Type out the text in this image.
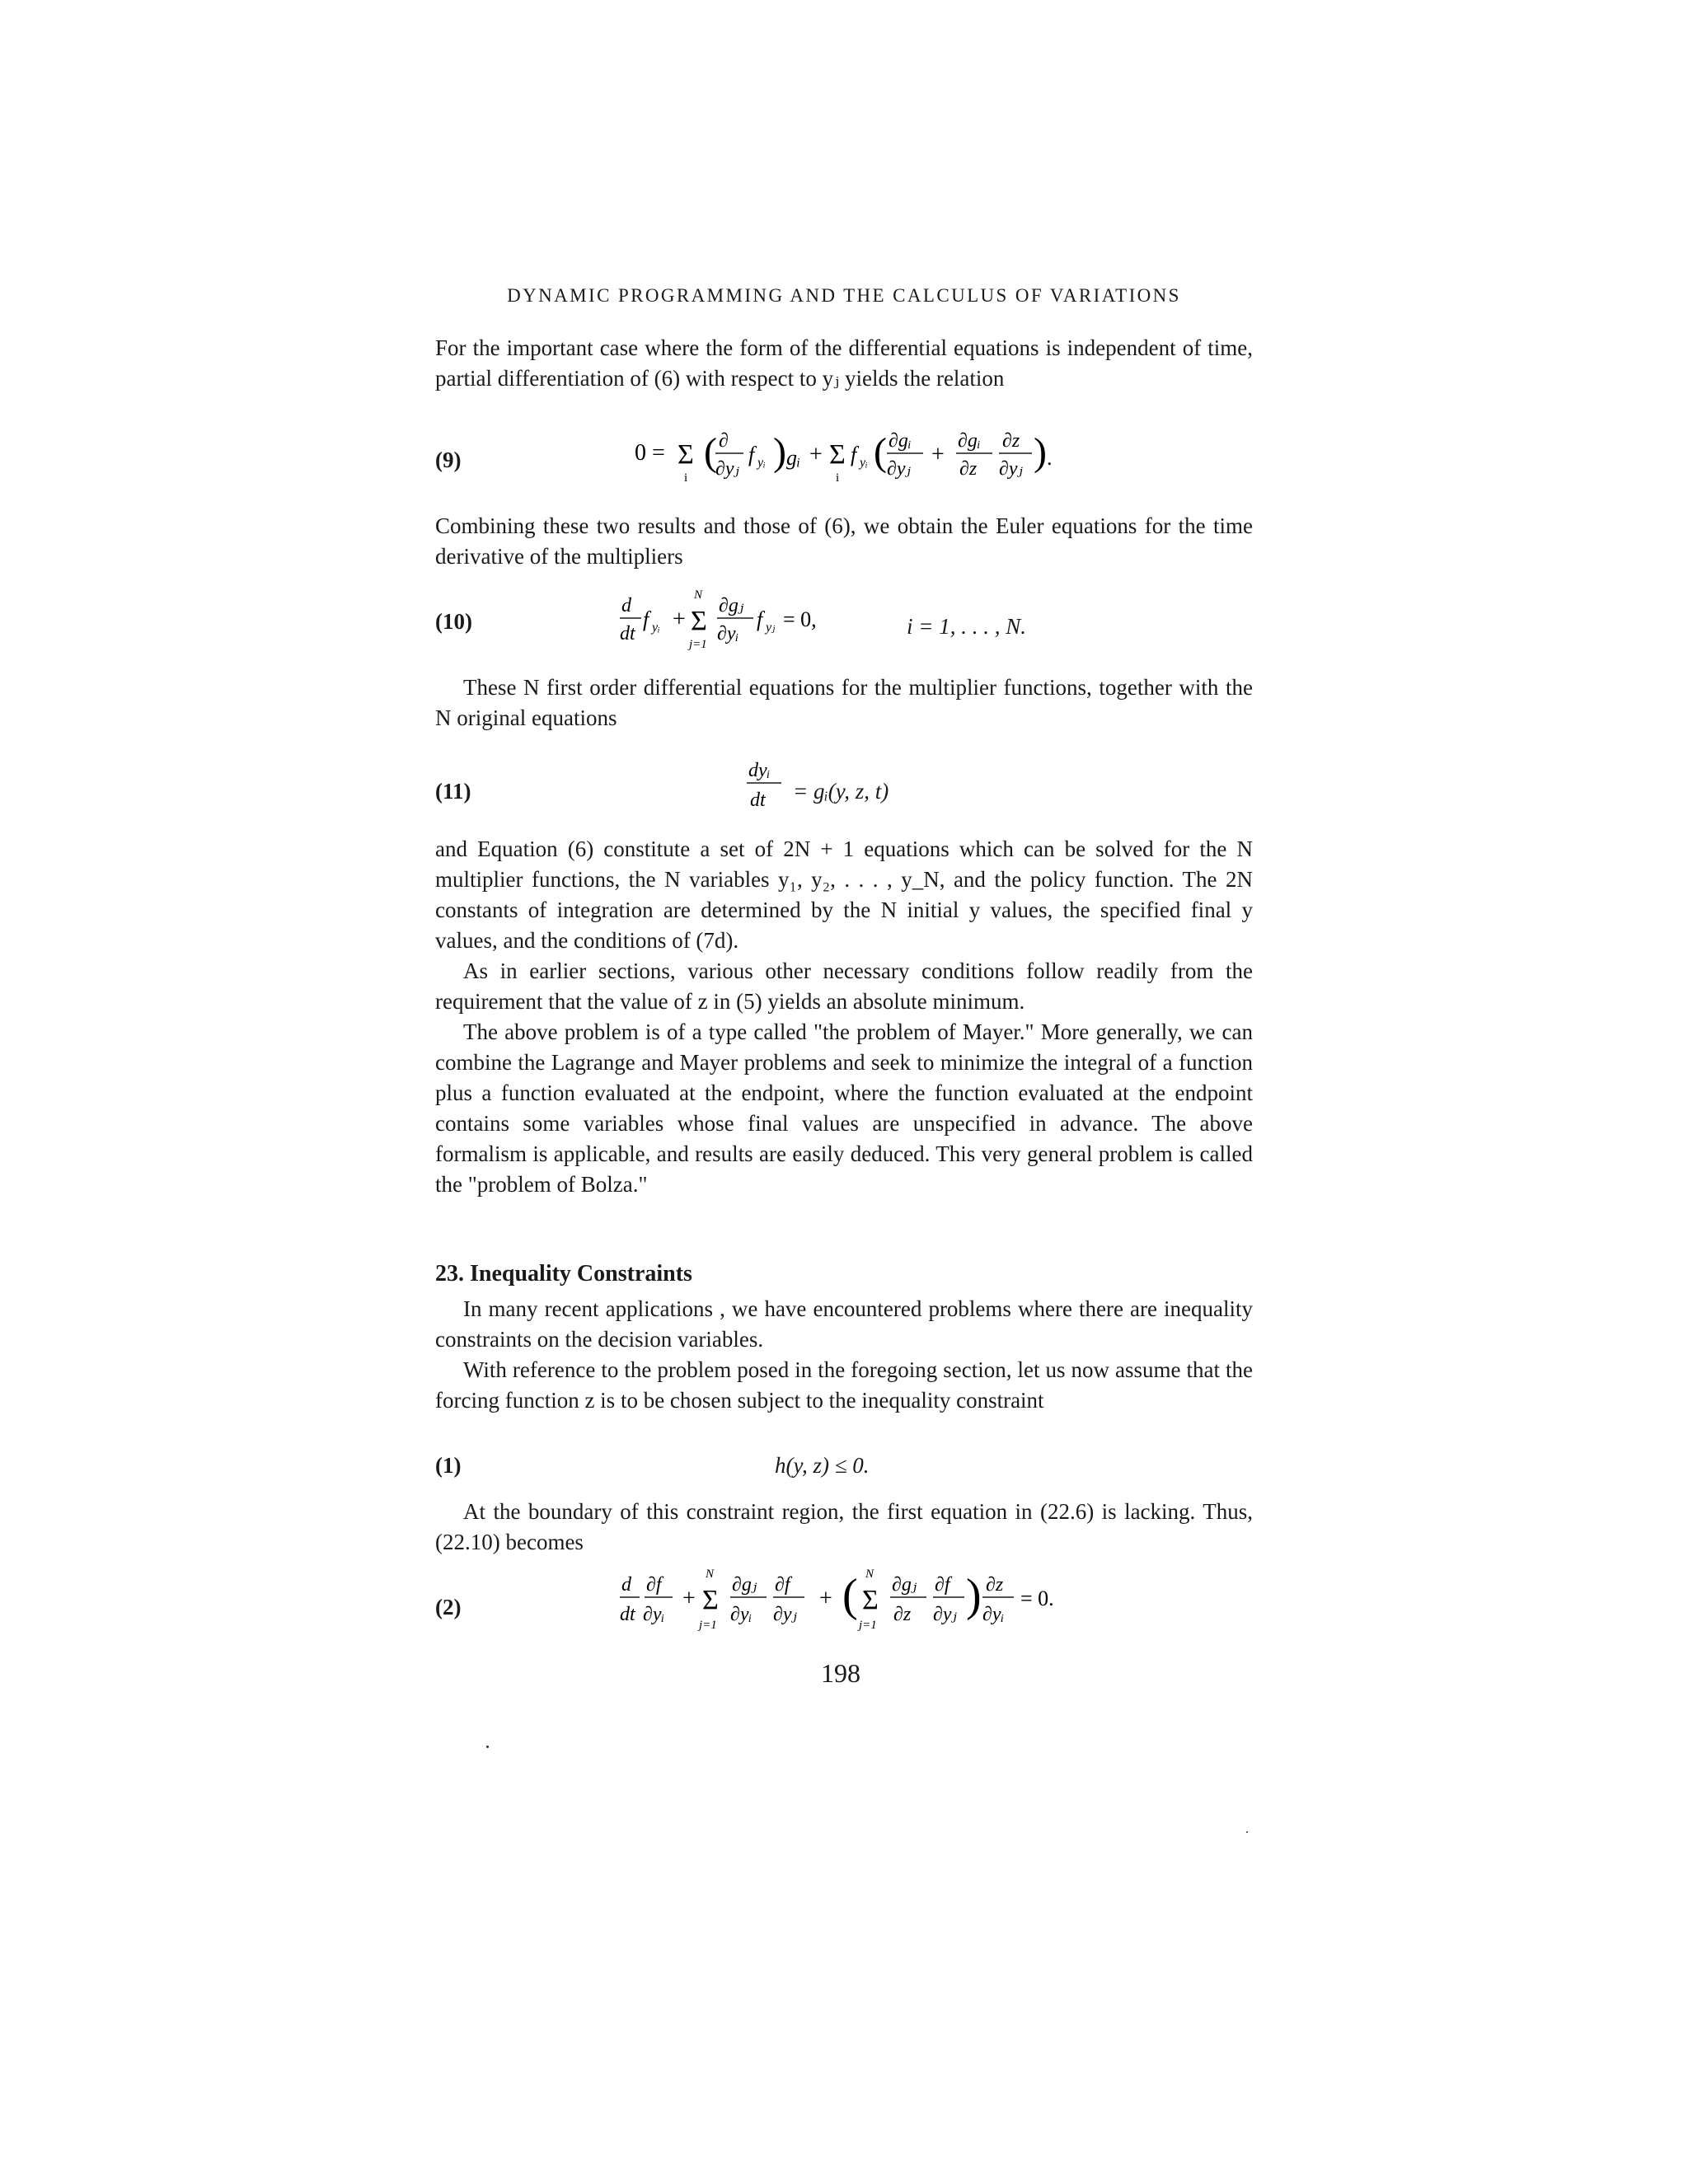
DYNAMIC PROGRAMMING AND THE CALCULUS OF VARIATIONS

For the important case where the form of the differential equations is independent of time, partial differentiation of (6) with respect to yⱼ yields the relation

(9)	0 = Σ
i
( ∂
∂yⱼ
f yᵢ ) gᵢ + Σ
i
f yᵢ ( ∂gᵢ
∂yⱼ
+
∂gᵢ
∂z
∂z
∂yⱼ ) .

Combining these two results and those of (6), we obtain the Euler equations for the time derivative of the multipliers

(10)
d
dt
f yᵢ +
N
Σ
j=1
∂gⱼ
∂yᵢ
f yⱼ = 0,	i = 1, . . . , N.

These N first order differential equations for the multiplier functions, together with the N original equations

(11)
dyᵢ
dt = gᵢ(y, z, t)

and Equation (6) constitute a set of 2N + 1 equations which can be solved for the N multiplier functions, the N variables y₁, y₂, . . . , y_N, and the policy function. The 2N constants of integration are determined by the N initial y values, the specified final y values, and the conditions of (7d).

As in earlier sections, various other necessary conditions follow readily from the requirement that the value of z in (5) yields an absolute minimum.

The above problem is of a type called "the problem of Mayer." More generally, we can combine the Lagrange and Mayer problems and seek to minimize the integral of a function plus a function evaluated at the endpoint, where the function evaluated at the endpoint contains some variables whose final values are unspecified in advance. The above formalism is applicable, and results are easily deduced. This very general problem is called the "problem of Bolza."

23. Inequality Constraints

In many recent applications , we have encountered problems where there are inequality constraints on the decision variables.

With reference to the problem posed in the foregoing section, let us now assume that the forcing function z is to be chosen subject to the inequality constraint

(1)	h(y, z) ≤ 0.

At the boundary of this constraint region, the first equation in (22.6) is lacking. Thus, (22.10) becomes

(2)
d
dt
∂f
∂yᵢ
+
N
Σ
j=1
∂gⱼ
∂yᵢ
∂f
∂yⱼ
+ ( N
Σ
j=1
∂gⱼ
∂z
∂f
∂yⱼ ) ∂z
∂yᵢ
= 0.
198
